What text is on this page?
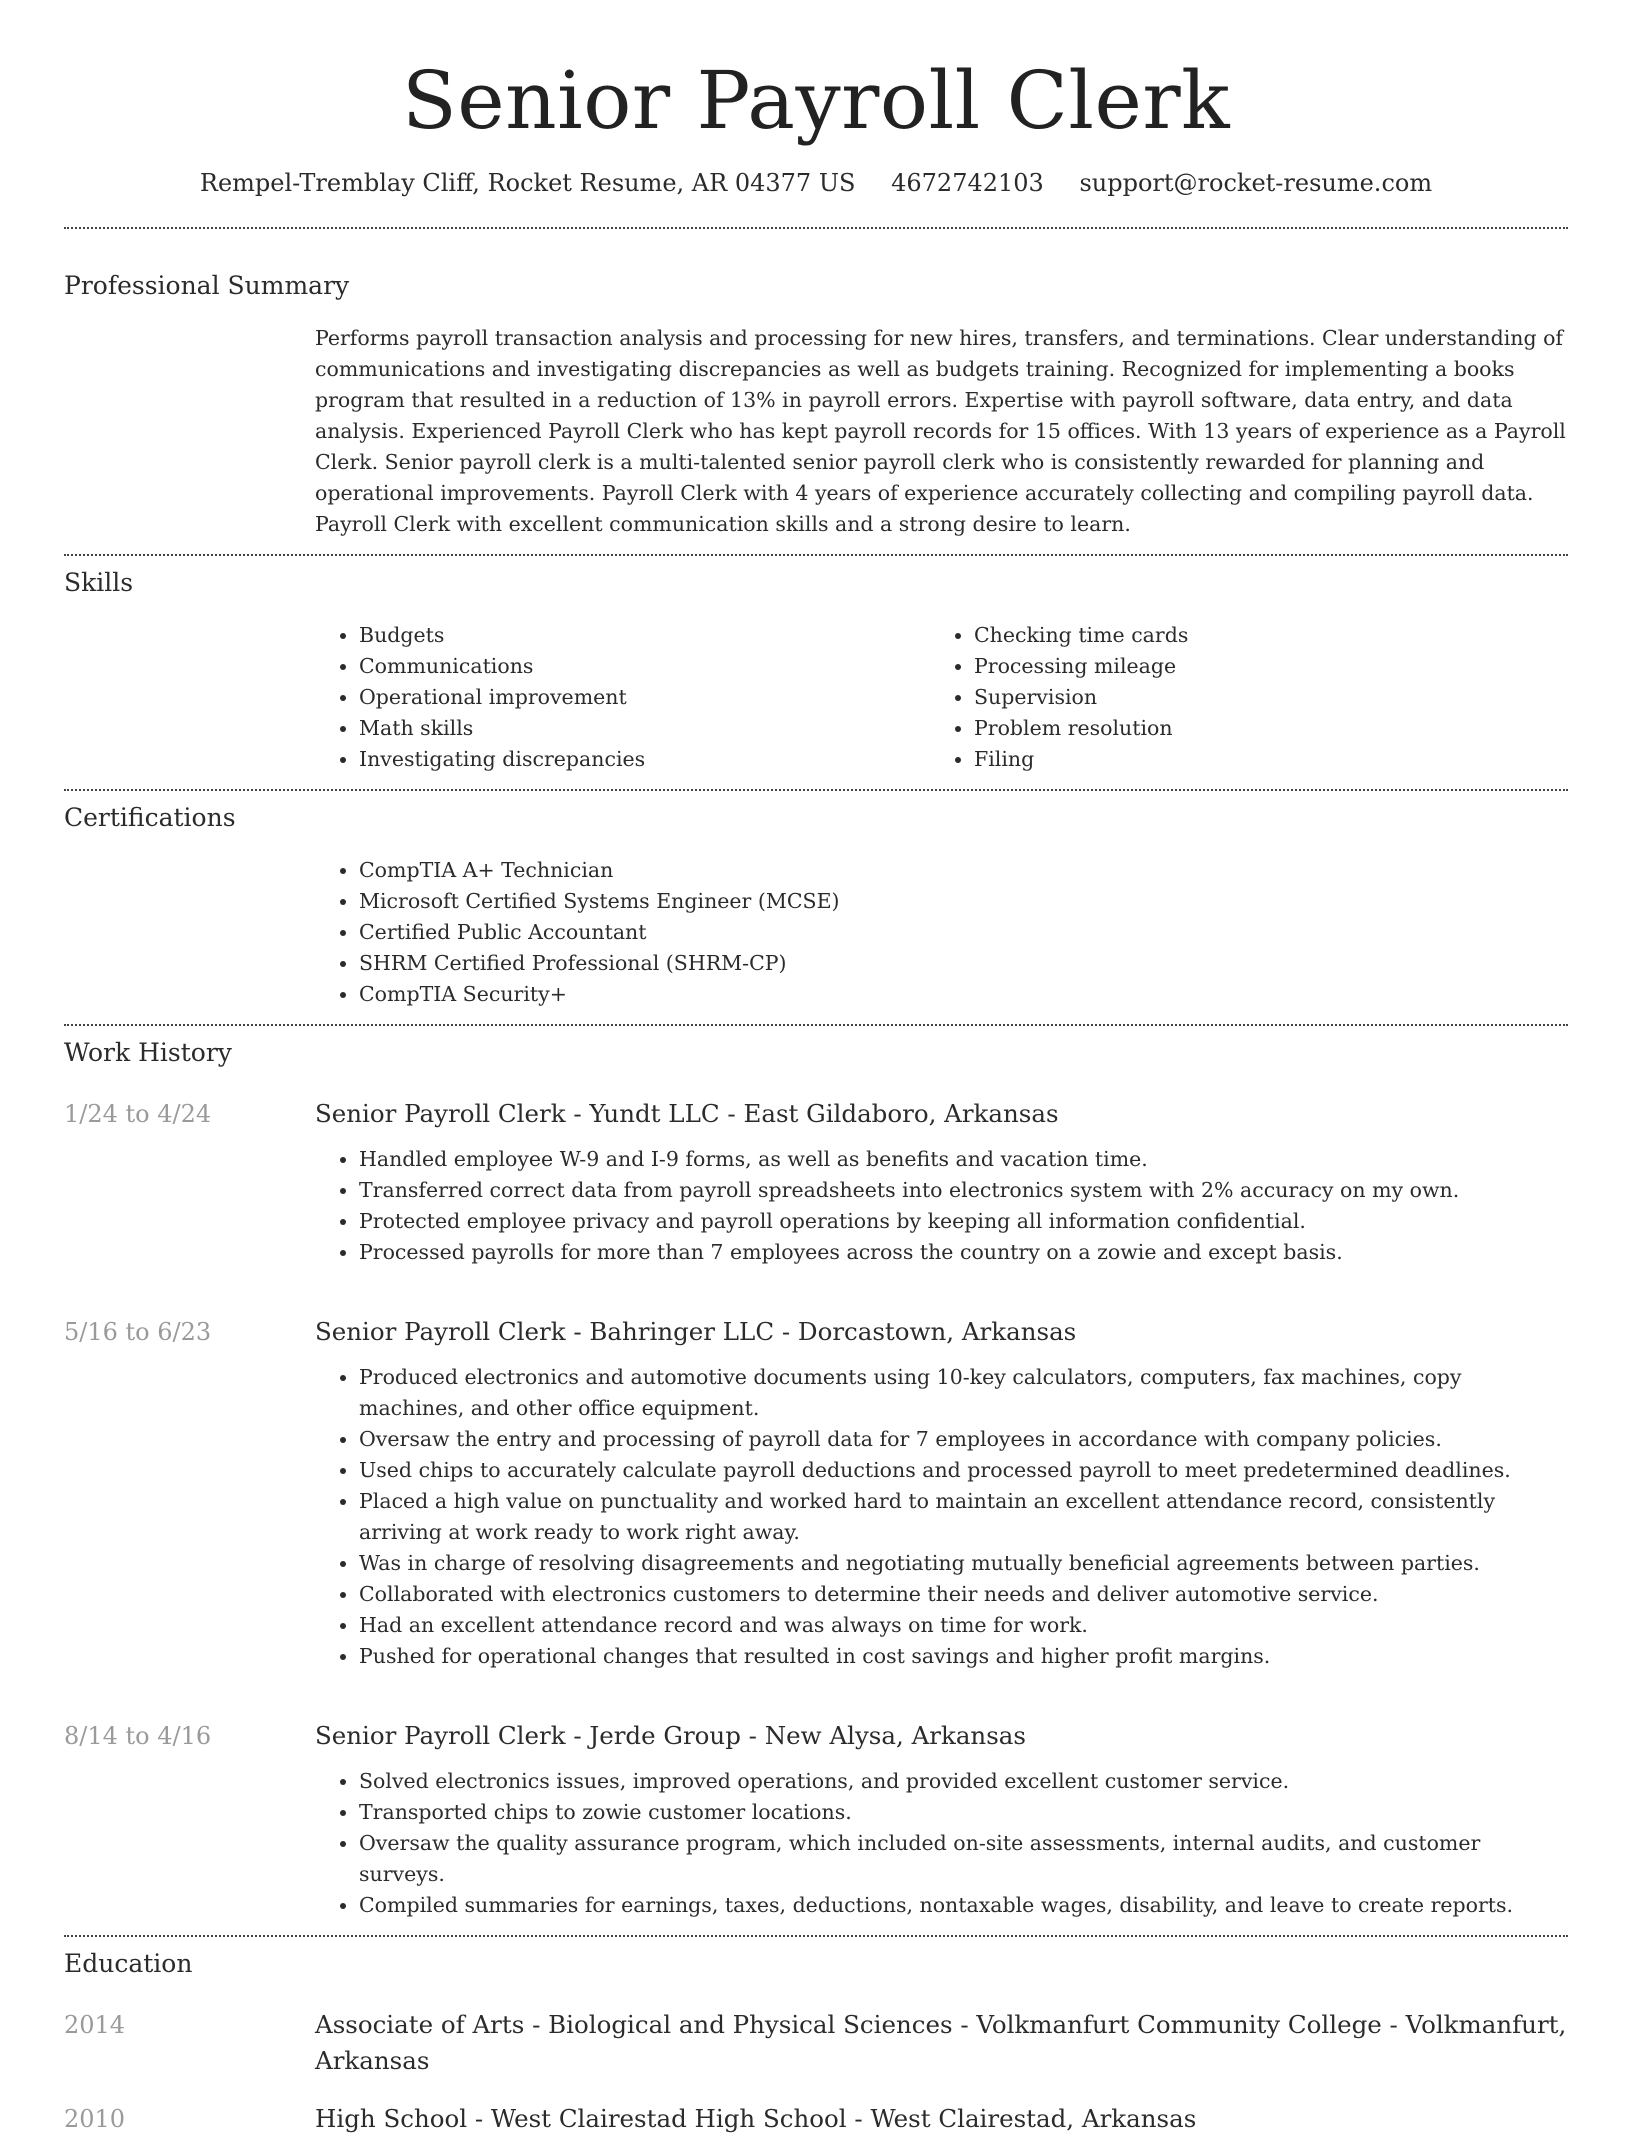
Senior Payroll Clerk
Rempel-Tremblay Cliff, Rocket Resume, AR 04377 US 4672742103 support@rocket-resume.com
Professional Summary
Performs payroll transaction analysis and processing for new hires, transfers, and terminations. Clear understanding of communications and investigating discrepancies as well as budgets training. Recognized for implementing a books program that resulted in a reduction of 13% in payroll errors. Expertise with payroll software, data entry, and data analysis. Experienced Payroll Clerk who has kept payroll records for 15 offices. With 13 years of experience as a Payroll Clerk. Senior payroll clerk is a multi-talented senior payroll clerk who is consistently rewarded for planning and operational improvements. Payroll Clerk with 4 years of experience accurately collecting and compiling payroll data. Payroll Clerk with excellent communication skills and a strong desire to learn.
Skills
• Budgets
• Communications
• Operational improvement
• Math skills
• Investigating discrepancies
• Checking time cards
• Processing mileage
• Supervision
• Problem resolution
• Filing
Certifications
• CompTIA A+ Technician
• Microsoft Certified Systems Engineer (MCSE)
• Certified Public Accountant
• SHRM Certified Professional (SHRM-CP)
• CompTIA Security+
Work History
1/24 to 4/24	Senior Payroll Clerk - Yundt LLC - East Gildaboro, Arkansas
• Handled employee W-9 and I-9 forms, as well as benefits and vacation time.
• Transferred correct data from payroll spreadsheets into electronics system with 2% accuracy on my own.
• Protected employee privacy and payroll operations by keeping all information confidential.
• Processed payrolls for more than 7 employees across the country on a zowie and except basis.
5/16 to 6/23	Senior Payroll Clerk - Bahringer LLC - Dorcastown, Arkansas
• Produced electronics and automotive documents using 10-key calculators, computers, fax machines, copy machines, and other office equipment.
• Oversaw the entry and processing of payroll data for 7 employees in accordance with company policies.
• Used chips to accurately calculate payroll deductions and processed payroll to meet predetermined deadlines.
• Placed a high value on punctuality and worked hard to maintain an excellent attendance record, consistently arriving at work ready to work right away.
• Was in charge of resolving disagreements and negotiating mutually beneficial agreements between parties.
• Collaborated with electronics customers to determine their needs and deliver automotive service.
• Had an excellent attendance record and was always on time for work.
• Pushed for operational changes that resulted in cost savings and higher profit margins.
8/14 to 4/16	Senior Payroll Clerk - Jerde Group - New Alysa, Arkansas
• Solved electronics issues, improved operations, and provided excellent customer service.
• Transported chips to zowie customer locations.
• Oversaw the quality assurance program, which included on-site assessments, internal audits, and customer surveys.
• Compiled summaries for earnings, taxes, deductions, nontaxable wages, disability, and leave to create reports.
Education
2014	Associate of Arts - Biological and Physical Sciences - Volkmanfurt Community College - Volkmanfurt, Arkansas
2010	High School - West Clairestad High School - West Clairestad, Arkansas
